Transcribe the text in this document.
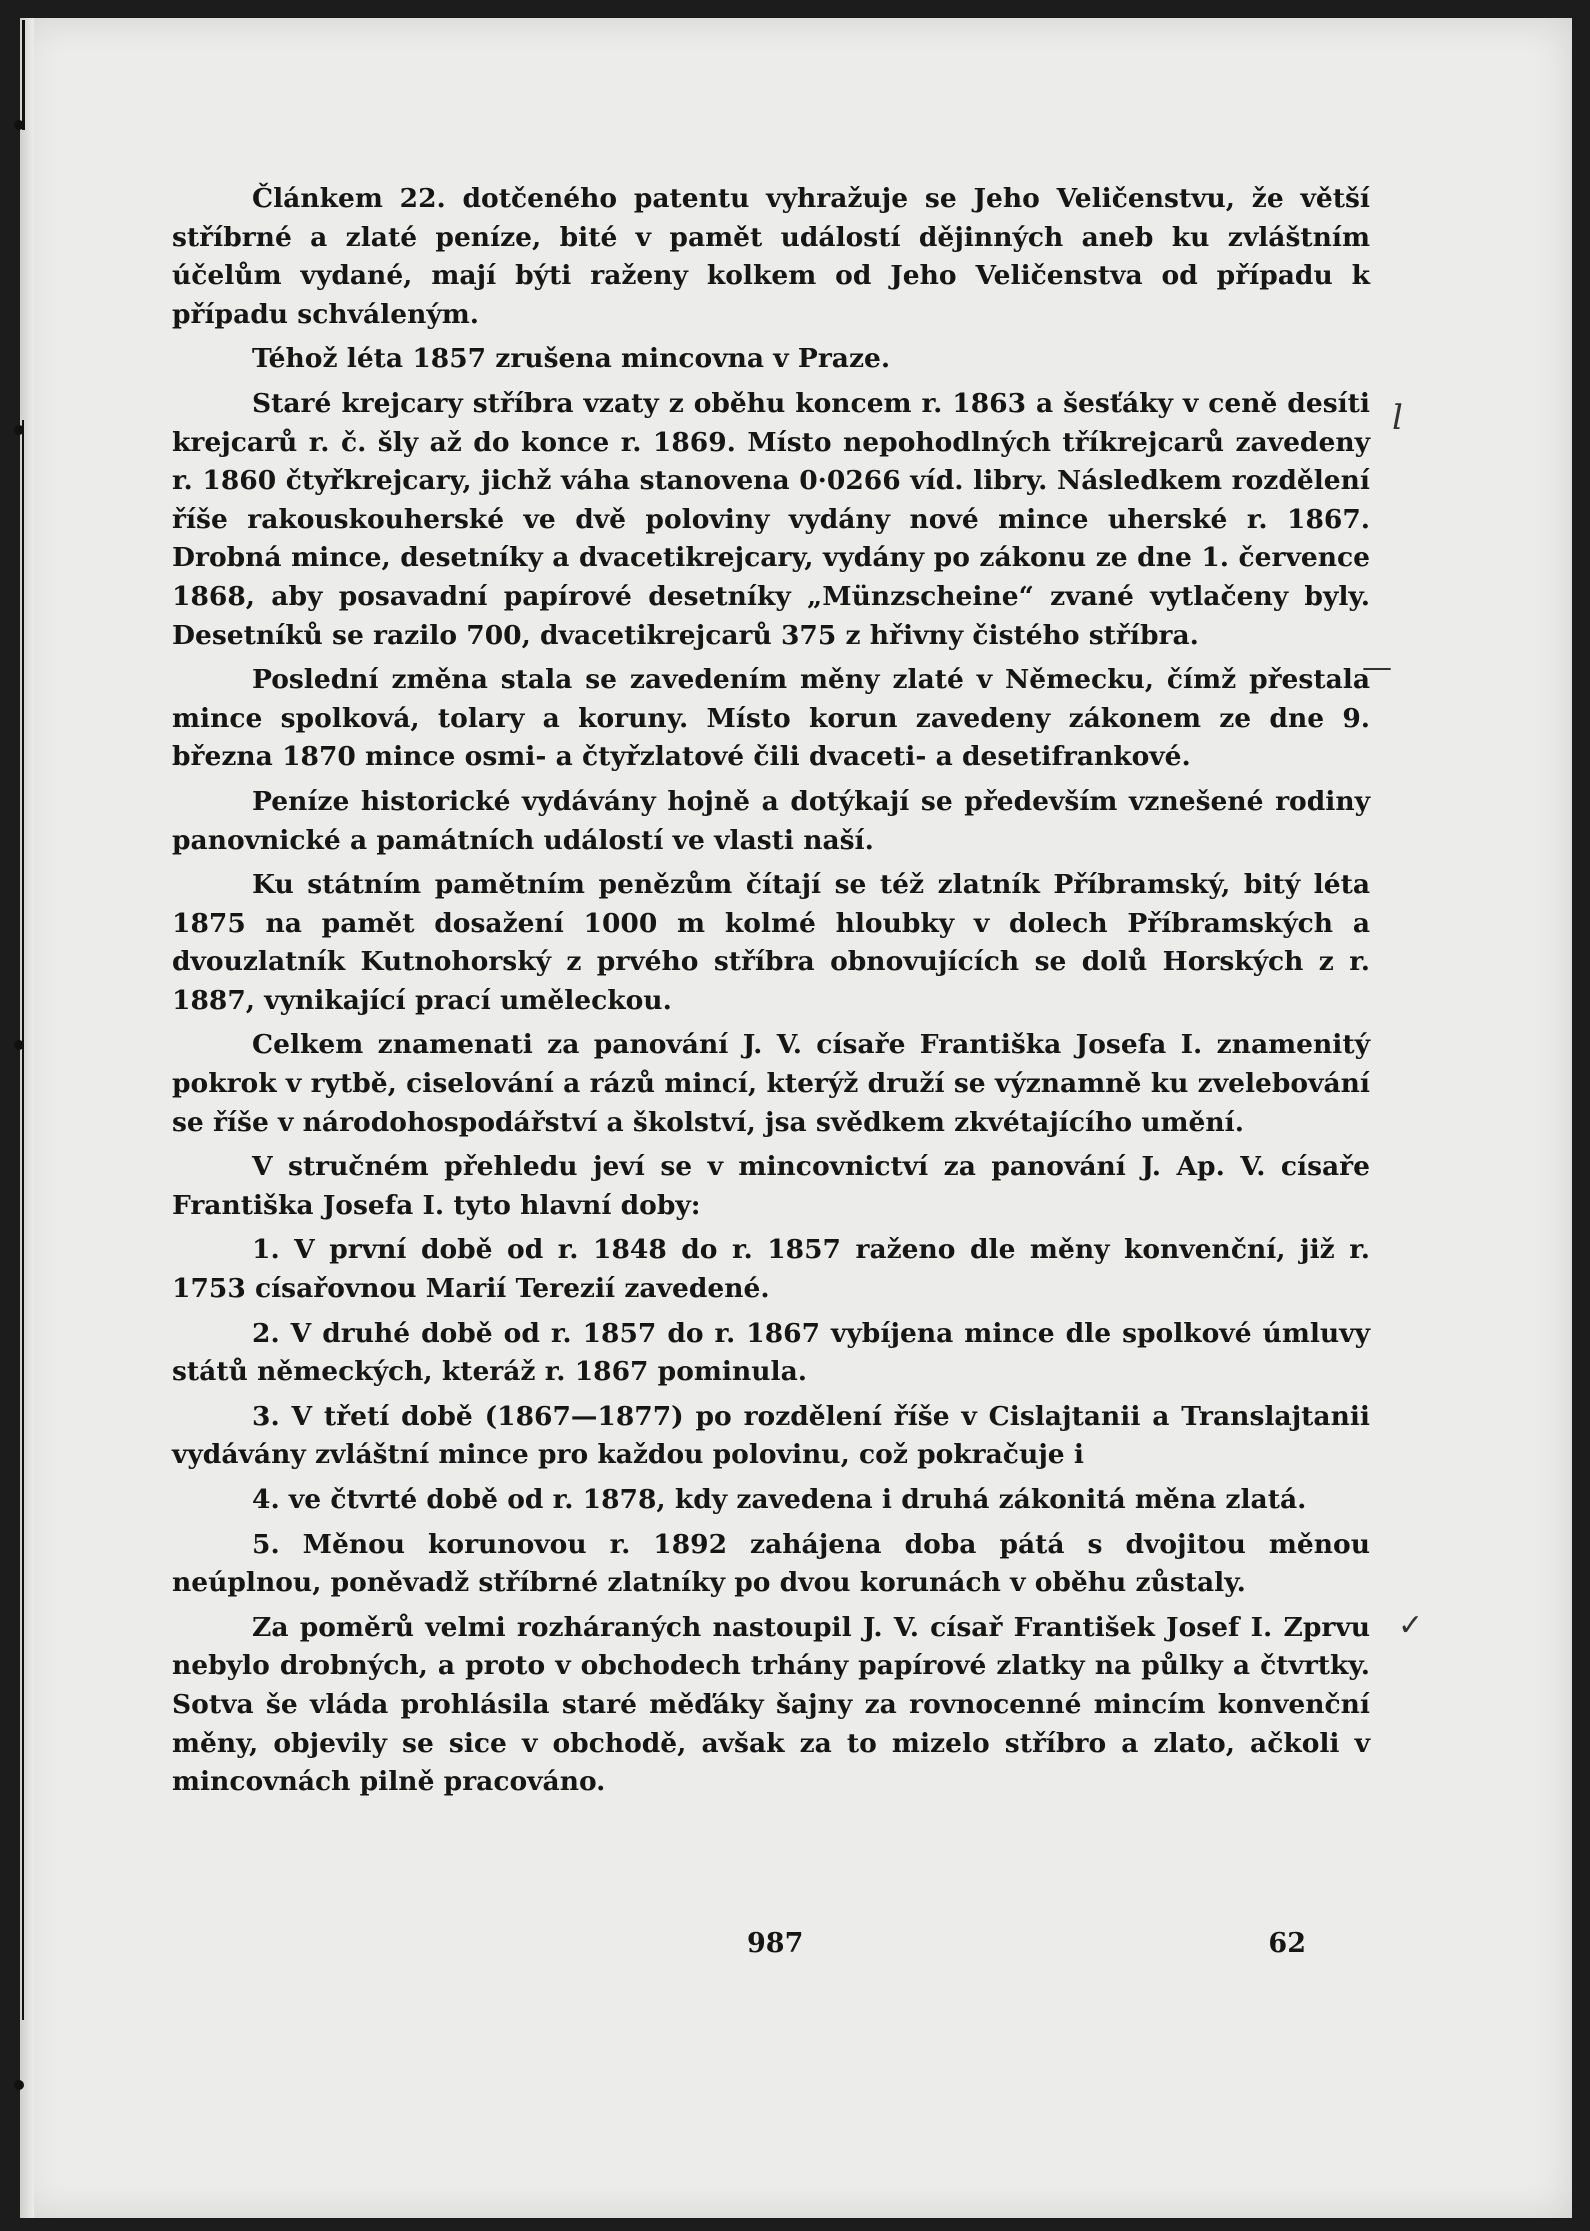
Článkem 22. dotčeného patentu vyhražuje se Jeho Veličenstvu, že větší stříbrné a zlaté peníze, bité v pamět událostí dějinných aneb ku zvláštním účelům vydané, mají býti raženy kolkem od Jeho Veličenstva od případu k případu schváleným.

Téhož léta 1857 zrušena mincovna v Praze.

Staré krejcary stříbra vzaty z oběhu koncem r. 1863 a šesťáky v ceně desíti krejcarů r. č. šly až do konce r. 1869. Místo nepohodlných tříkrejcarů zavedeny r. 1860 čtyřkrejcary, jichž váha stanovena 0·0266 víd. libry. Následkem rozdělení říše rakouskouherské ve dvě poloviny vydány nové mince uherské r. 1867. Drobná mince, desetníky a dvacetikrejcary, vydány po zákonu ze dne 1. července 1868, aby posavadní papírové desetníky „Münzscheine“ zvané vytlačeny byly. Desetníků se razilo 700, dvacetikrejcarů 375 z hřivny čistého stříbra.

Poslední změna stala se zavedením měny zlaté v Německu, čímž přestala mince spolková, tolary a koruny. Místo korun zavedeny zákonem ze dne 9. března 1870 mince osmi- a čtyřzlatové čili dvaceti- a desetifrankové.

Peníze historické vydávány hojně a dotýkají se především vznešené rodiny panovnické a památních událostí ve vlasti naší.

Ku státním pamětním penězům čítají se též zlatník Příbramský, bitý léta 1875 na pamět dosažení 1000 m kolmé hloubky v dolech Příbramských a dvouzlatník Kutnohorský z prvého stříbra obnovujících se dolů Horských z r. 1887, vynikající prací uměleckou.

Celkem znamenati za panování J. V. císaře Františka Josefa I. znamenitý pokrok v rytbě, ciselování a rázů mincí, kterýž druží se významně ku zvelebování se říše v národohospodářství a školství, jsa svědkem zkvétajícího umění.

V stručném přehledu jeví se v mincovnictví za panování J. Ap. V. císaře Františka Josefa I. tyto hlavní doby:

1. V první době od r. 1848 do r. 1857 raženo dle měny konvenční, již r. 1753 císařovnou Marií Terezií zavedené.

2. V druhé době od r. 1857 do r. 1867 vybíjena mince dle spolkové úmluvy států německých, kteráž r. 1867 pominula.

3. V třetí době (1867—1877) po rozdělení říše v Cislajtanii a Translajtanii vydávány zvláštní mince pro každou polovinu, což pokračuje i

4. ve čtvrté době od r. 1878, kdy zavedena i druhá zákonitá měna zlatá.

5. Měnou korunovou r. 1892 zahájena doba pátá s dvojitou měnou neúplnou, poněvadž stříbrné zlatníky po dvou korunách v oběhu zůstaly.

Za poměrů velmi rozháraných nastoupil J. V. císař František Josef I. Zprvu nebylo drobných, a proto v obchodech trhány papírové zlatky na půlky a čtvrtky. Sotva še vláda prohlásila staré měďáky šajny za rovnocenné mincím konvenční měny, objevily se sice v obchodě, avšak za to mizelo stříbro a zlato, ačkoli v mincovnách pilně pracováno.

987	62
l
✓
—
